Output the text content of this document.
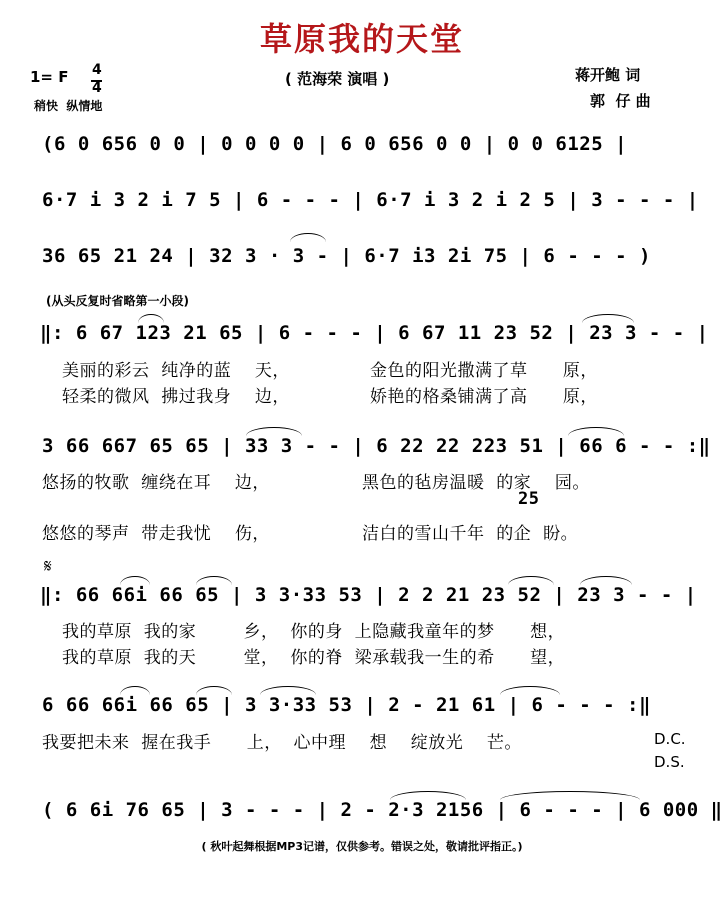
草原我的天堂
1= F 4
4
稍快  纵情地
( 范海荣 演唱 )	蒋开鲍 词
郭  仔 曲
(6 0 656 0 0 | 0 0 0 0 | 6 0 656 0 0 | 0 0 6125 |
6·7 i 3 2 i 7 5 | 6 - - - | 6·7 i 3 2 i 2 5 | 3 - - - |
36 65 21 24 | 32 3 · 3 - | 6·7 i3 2i 75 | 6 - - - )
(从头反复时省略第一小段)
‖: 6 67 123 21 65 | 6 - - - | 6 67 11 23 52 | 23 3 - - |
美丽的彩云  纯净的蓝    天，	金色的阳光撒满了草      原，
轻柔的微风  拂过我身    边，	娇艳的格桑铺满了高      原，
3 66 667 65 65 | 33 3 - - | 6 22 22 223 51 | 66 6 - - :‖
悠扬的牧歌  缠绕在耳    边，	黑色的毡房温暖  的家    园。
25
悠悠的琴声  带走我忧    伤，	洁白的雪山千年  的企  盼。
𝄋
‖: 66 66i 66 65 | 3 3·33 53 | 2 2 21 23 52 | 23 3 - - |
我的草原  我的家        乡，  你的身  上隐藏我童年的梦      想，
我的草原  我的天        堂，  你的脊  梁承载我一生的希      望，
6 66 66i 66 65 | 3 3·33 53 | 2 - 21 61 | 6 - - - :‖
我要把未来  握在我手      上，  心中理    想    绽放光    芒。	D.C.
D.S.
( 6 6i 76 65 | 3 - - - | 2 - 2·3 2156 | 6 - - - | 6 000 ‖
( 秋叶起舞根据MP3记谱，仅供参考。错误之处，敬请批评指正。)
